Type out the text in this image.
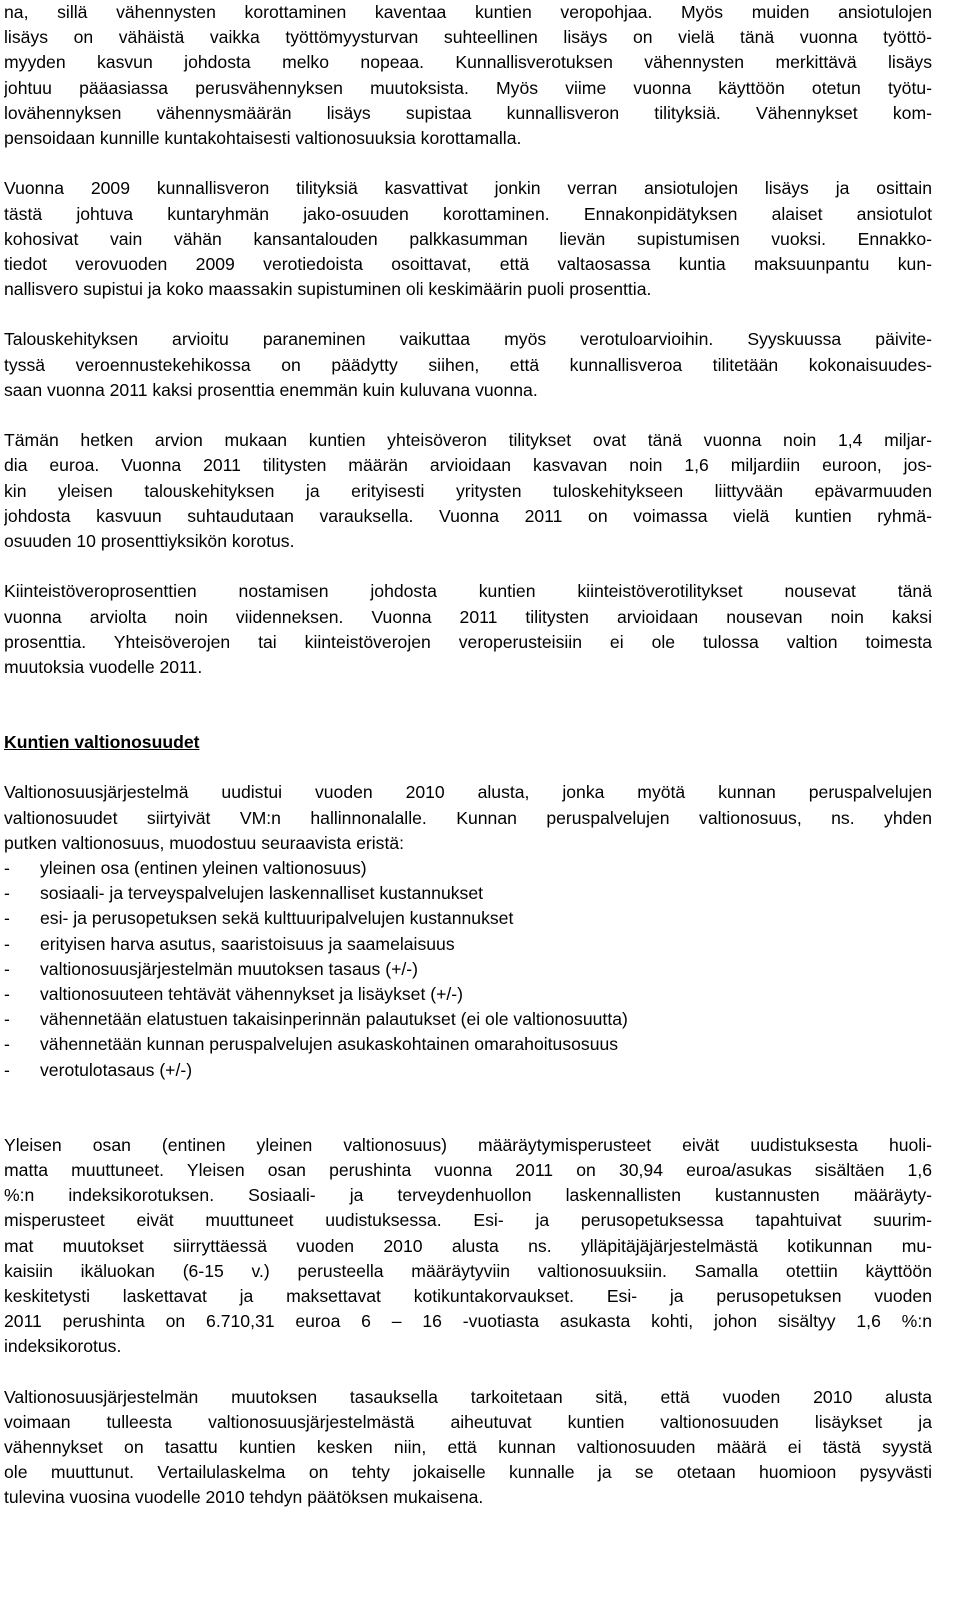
na, sillä vähennysten korottaminen kaventaa kuntien veropohjaa. Myös muiden ansiotulojen
lisäys on vähäistä vaikka työttömyysturvan suhteellinen lisäys on vielä tänä vuonna työttö-
myyden kasvun johdosta melko nopeaa. Kunnallisverotuksen vähennysten merkittävä lisäys
johtuu pääasiassa perusvähennyksen muutoksista. Myös viime vuonna käyttöön otetun työtu-
lovähennyksen vähennysmäärän lisäys supistaa kunnallisveron tilityksiä. Vähennykset kom-
pensoidaan kunnille kuntakohtaisesti valtionosuuksia korottamalla.
Vuonna 2009 kunnallisveron tilityksiä kasvattivat jonkin verran ansiotulojen lisäys ja osittain
tästä johtuva kuntaryhmän jako-osuuden korottaminen. Ennakonpidätyksen alaiset ansiotulot
kohosivat vain vähän kansantalouden palkkasumman lievän supistumisen vuoksi. Ennakko-
tiedot verovuoden 2009 verotiedoista osoittavat, että valtaosassa kuntia maksuunpantu kun-
nallisvero supistui ja koko maassakin supistuminen oli keskimäärin puoli prosenttia.
Talouskehityksen arvioitu paraneminen vaikuttaa myös verotuloarvioihin. Syyskuussa päivite-
tyssä veroennustekehikossa on päädytty siihen, että kunnallisveroa tilitetään kokonaisuudes-
saan vuonna 2011 kaksi prosenttia enemmän kuin kuluvana vuonna.
Tämän hetken arvion mukaan kuntien yhteisöveron tilitykset ovat tänä vuonna noin 1,4 miljar-
dia euroa. Vuonna 2011 tilitysten määrän arvioidaan kasvavan noin 1,6 miljardiin euroon, jos-
kin yleisen talouskehityksen ja erityisesti yritysten tuloskehitykseen liittyvään epävarmuuden
johdosta kasvuun suhtaudutaan varauksella. Vuonna 2011 on voimassa vielä kuntien ryhmä-
osuuden 10 prosenttiyksikön korotus.
Kiinteistöveroprosenttien nostamisen johdosta kuntien kiinteistöverotilitykset nousevat tänä
vuonna arviolta noin viidenneksen. Vuonna 2011 tilitysten arvioidaan nousevan noin kaksi
prosenttia. Yhteisöverojen tai kiinteistöverojen veroperusteisiin ei ole tulossa valtion toimesta
muutoksia vuodelle 2011.

Kuntien valtionosuudet

Valtionosuusjärjestelmä uudistui vuoden 2010 alusta, jonka myötä kunnan peruspalvelujen
valtionosuudet siirtyivät VM:n hallinnonalalle. Kunnan peruspalvelujen valtionosuus, ns. yhden
putken valtionosuus, muodostuu seuraavista eristä:
- yleinen osa (entinen yleinen valtionosuus)
- sosiaali- ja terveyspalvelujen laskennalliset kustannukset
- esi- ja perusopetuksen sekä kulttuuripalvelujen kustannukset
- erityisen harva asutus, saaristoisuus ja saamelaisuus
- valtionosuusjärjestelmän muutoksen tasaus (+/-)
- valtionosuuteen tehtävät vähennykset ja lisäykset (+/-)
- vähennetään elatustuen takaisinperinnän palautukset (ei ole valtionosuutta)
- vähennetään kunnan peruspalvelujen asukaskohtainen omarahoitusosuus
- verotulotasaus (+/-)
Yleisen osan (entinen yleinen valtionosuus) määräytymisperusteet eivät uudistuksesta huoli-
matta muuttuneet. Yleisen osan perushinta vuonna 2011 on 30,94 euroa/asukas sisältäen 1,6
%:n indeksikorotuksen. Sosiaali- ja terveydenhuollon laskennallisten kustannusten määräyty-
misperusteet eivät muuttuneet uudistuksessa. Esi- ja perusopetuksessa tapahtuivat suurim-
mat muutokset siirryttäessä vuoden 2010 alusta ns. ylläpitäjäjärjestelmästä kotikunnan mu-
kaisiin ikäluokan (6-15 v.) perusteella määräytyviin valtionosuuksiin. Samalla otettiin käyttöön
keskitetysti laskettavat ja maksettavat kotikuntakorvaukset. Esi- ja perusopetuksen vuoden
2011 perushinta on 6.710,31 euroa 6 – 16 -vuotiasta asukasta kohti, johon sisältyy 1,6 %:n
indeksikorotus.
Valtionosuusjärjestelmän muutoksen tasauksella tarkoitetaan sitä, että vuoden 2010 alusta
voimaan tulleesta valtionosuusjärjestelmästä aiheutuvat kuntien valtionosuuden lisäykset ja
vähennykset on tasattu kuntien kesken niin, että kunnan valtionosuuden määrä ei tästä syystä
ole muuttunut. Vertailulaskelma on tehty jokaiselle kunnalle ja se otetaan huomioon pysyvästi
tulevina vuosina vuodelle 2010 tehdyn päätöksen mukaisena.
